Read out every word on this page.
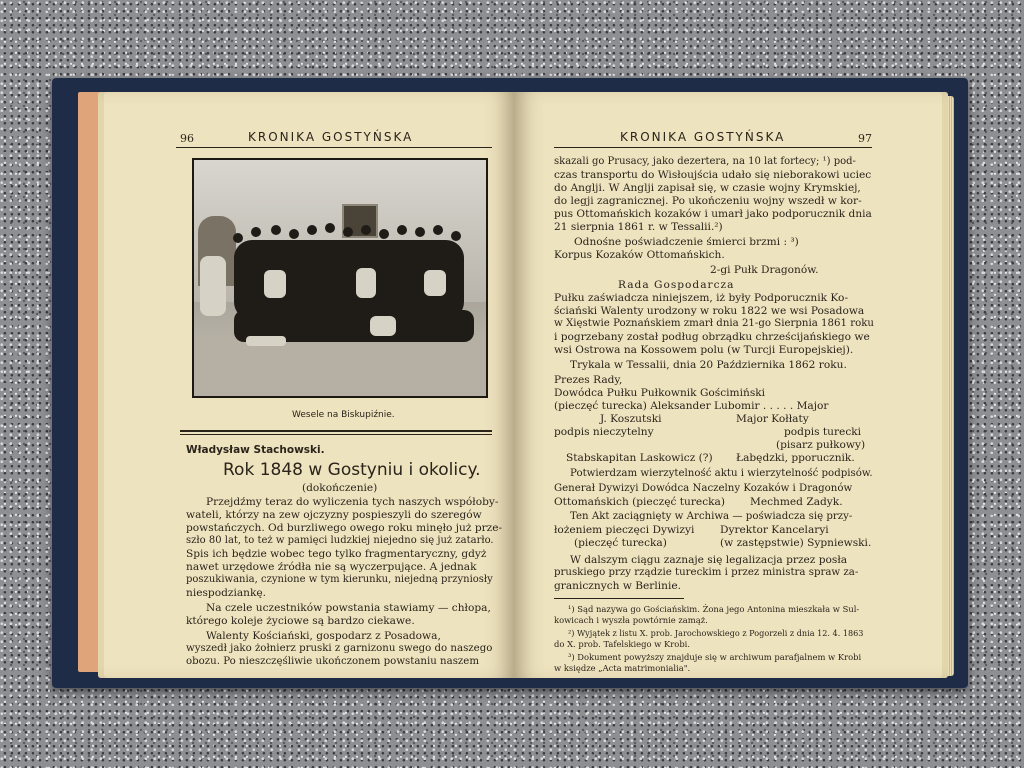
96	KRONIKA GOSTYŃSKA
Wesele na Biskupiźnie.
Władysław Stachowski.
Rok 1848 w Gostyniu i okolicy.
(dokończenie)
Przejdźmy teraz do wyliczenia tych naszych współoby-
wateli, którzy na zew ojczyzny pospieszyli do szeregów
powstańczych. Od burzliwego owego roku minęło już prze-
szło 80 lat, to też w pamięci ludzkiej niejedno się już zatarło.
Spis ich będzie wobec tego tylko fragmentaryczny, gdyż
nawet urzędowe źródła nie są wyczerpujące. A jednak
poszukiwania, czynione w tym kierunku, niejedną przyniosły
niespodziankę.
Na czele uczestników powstania stawiamy — chłopa,
którego koleje życiowe są bardzo ciekawe.
Walenty Kościański, gospodarz z Posadowa,
wyszedł jako żołnierz pruski z garnizonu swego do naszego
obozu. Po nieszczęśliwie ukończonem powstaniu naszem
KRONIKA GOSTYŃSKA	97
skazali go Prusacy, jako dezertera, na 10 lat fortecy; ¹) pod-
czas transportu do Wisłoujścia udało się nieborakowi uciec
do Anglji. W Anglji zapisał się, w czasie wojny Krymskiej,
do legji zagranicznej. Po ukończeniu wojny wszedł w kor-
pus Ottomańskich kozaków i umarł jako podporucznik dnia
21 sierpnia 1861 r. w Tessalii.²)
Odnośne poświadczenie śmierci brzmi : ³)
Korpus Kozaków Ottomańskich.
2-gi Pułk Dragonów.
Rada Gospodarcza
Pułku zaświadcza niniejszem, iż były Podporucznik Ko-
ściański Walenty urodzony w roku 1822 we wsi Posadowa
w Xięstwie Poznańskiem zmarł dnia 21-go Sierpnia 1861 roku
i pogrzebany został podług obrządku chrześcijańskiego we
wsi Ostrowa na Kossowem polu (w Turcji Europejskiej).
Trykala w Tessalii, dnia 20 Października 1862 roku.
Prezes Rady,
Dowódca Pułku Pułkownik Gościmiński
(pieczęć turecka) Aleksander Lubomir . . . . . Major
J. Koszutski	Major Kołłaty
podpis nieczytelny	podpis turecki
(pisarz pułkowy)
Stabskapitan Laskowicz (?) Łabędzki, pporucznik.
Potwierdzam wierzytelność aktu i wierzytelność podpisów.
Generał Dywizyi Dowódca Naczelny Kozaków i Dragonów
Ottomańskich (pieczęć turecka) Mechmed Zadyk.
Ten Akt zaciągnięty w Archiwa — poświadcza się przy-
łożeniem pieczęci Dywizyi Dyrektor Kancelaryi
(pieczęć turecka)	(w zastępstwie) Sypniewski.
W dalszym ciągu zaznaje się legalizacja przez posła
pruskiego przy rządzie tureckim i przez ministra spraw za-
granicznych w Berlinie.
¹) Sąd nazywa go Gościańskim. Żona jego Antonina mieszkała w Sul-
kowicach i wyszła powtórnie zamąż.
²) Wyjątek z listu X. prob. Jarochowskiego z Pogorzeli z dnia 12. 4. 1863
do X. prob. Tafelskiego w Krobi.
³) Dokument powyższy znajduje się w archiwum parafjalnem w Krobi
w księdze „Acta matrimonialia".
